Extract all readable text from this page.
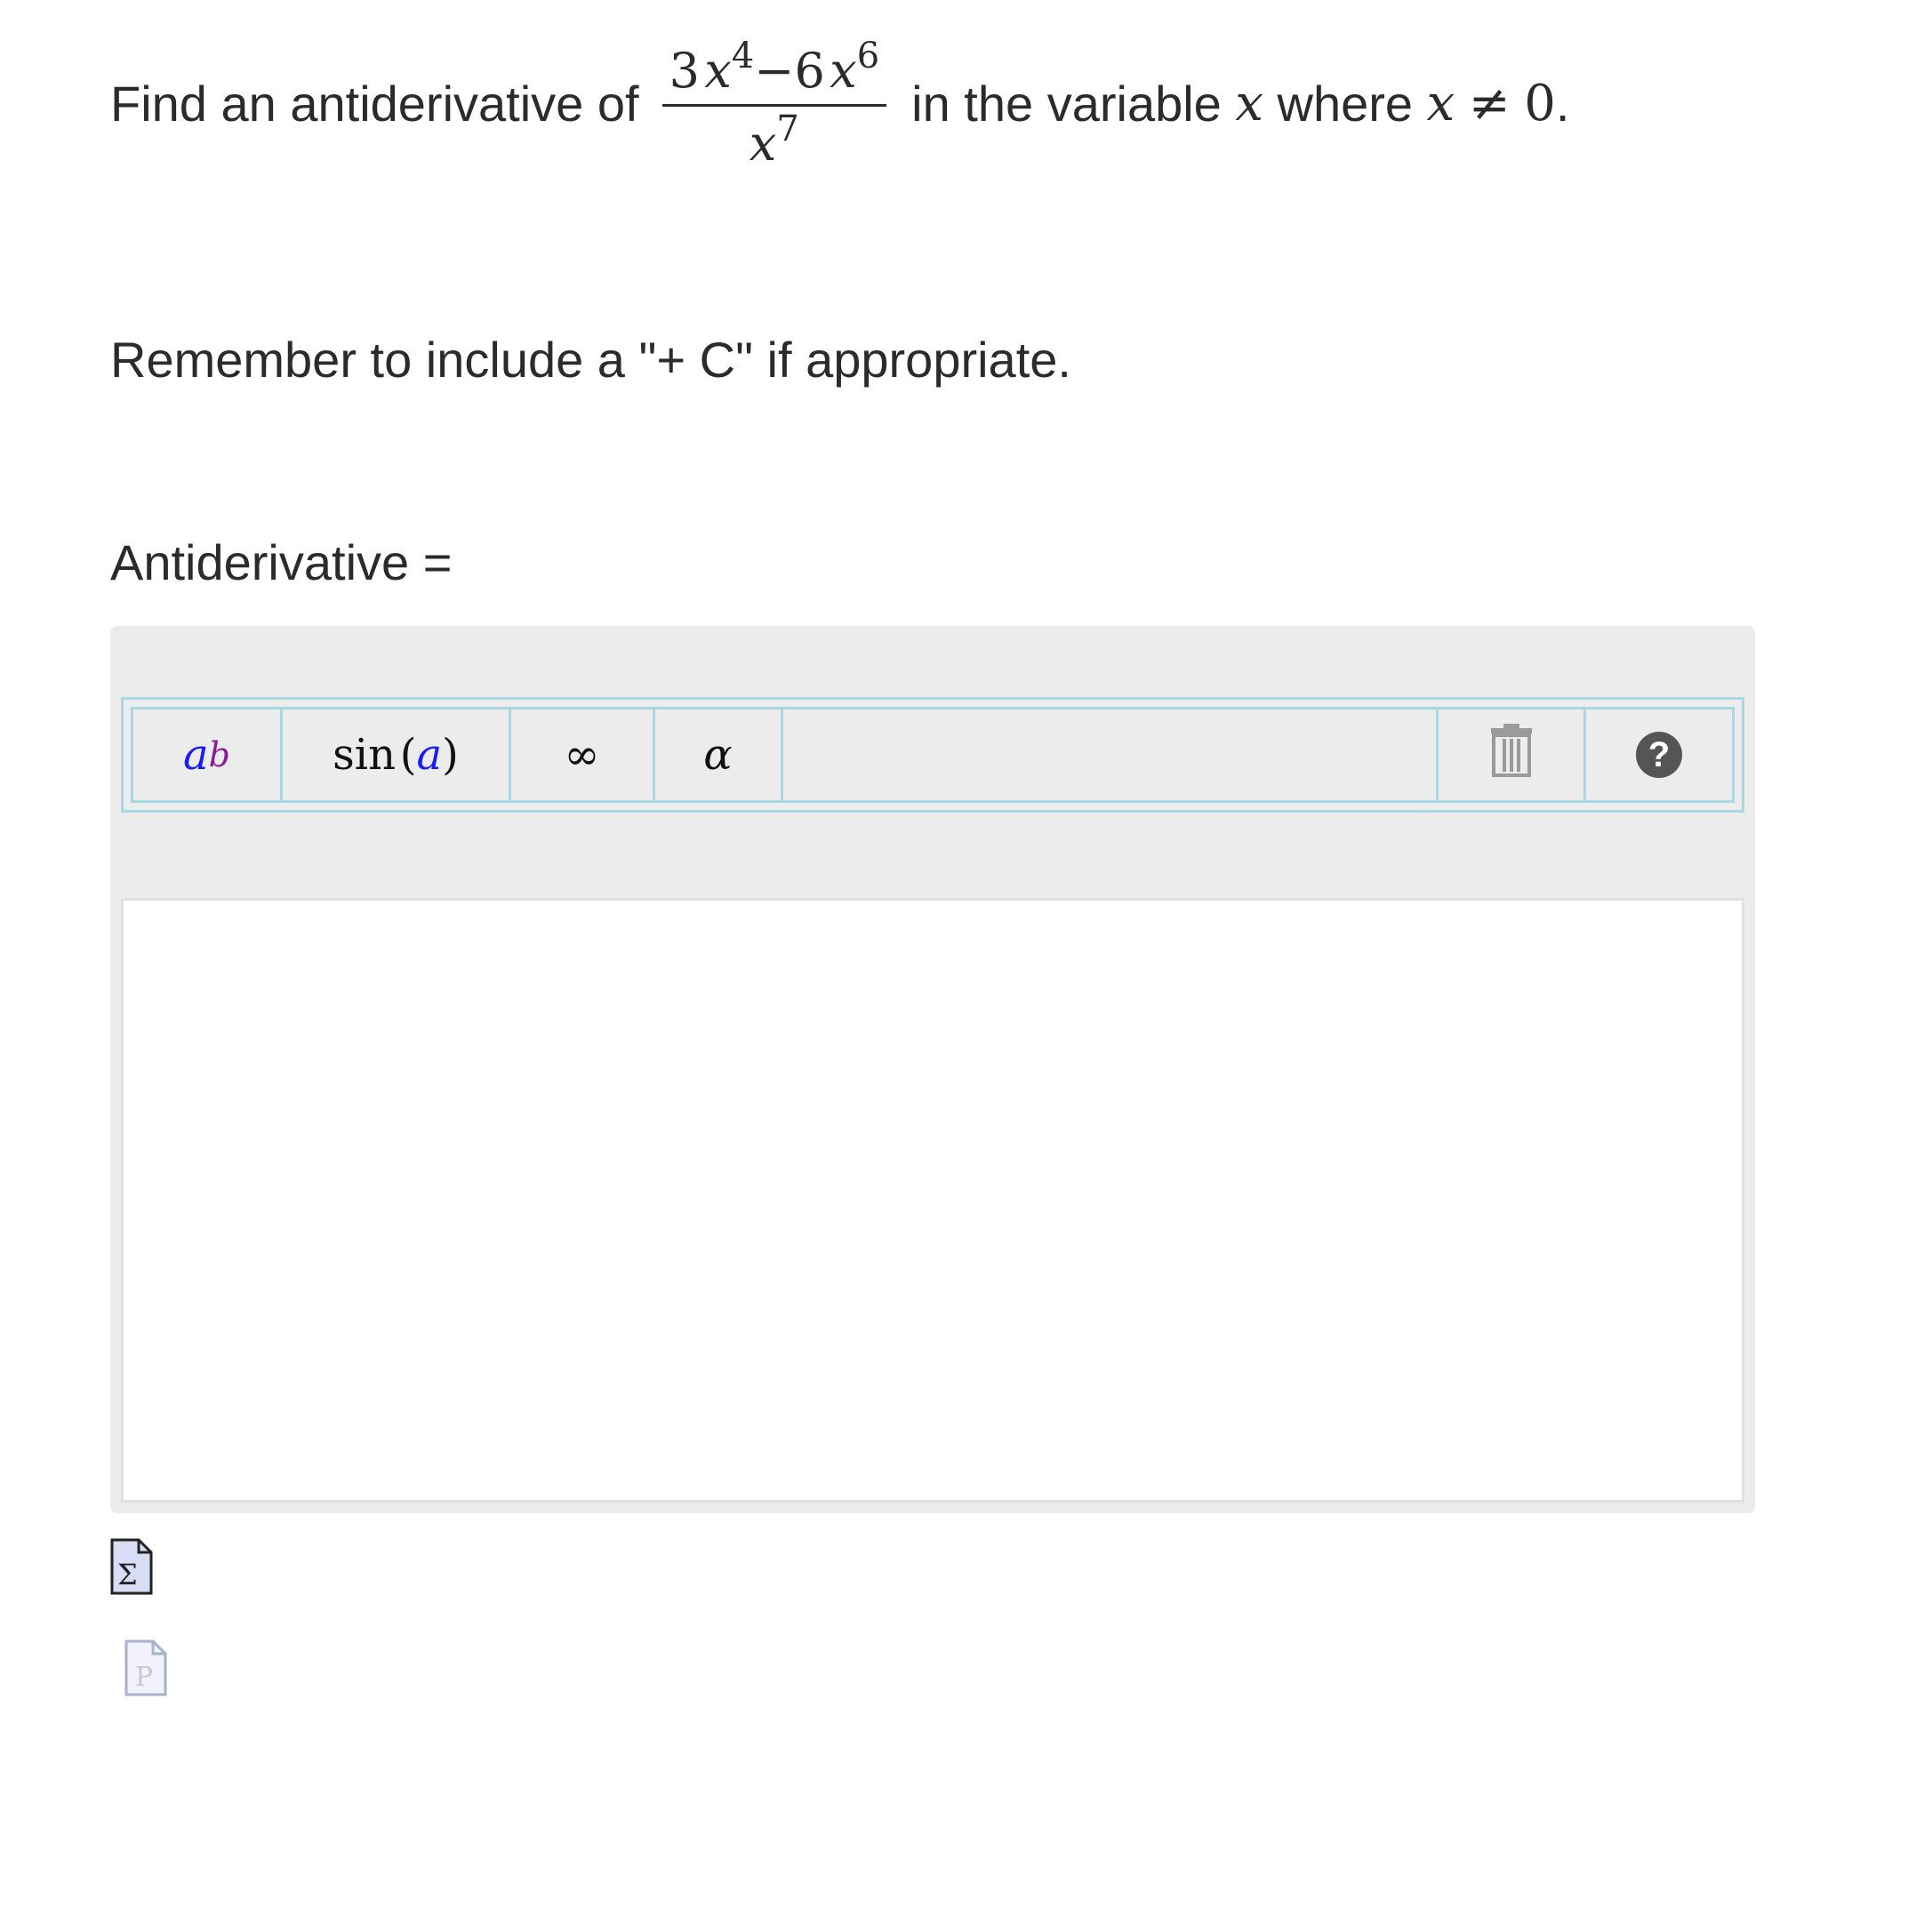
Find an antiderivative of $\frac{3 x^4-6 x^6}{x^7}$ in the variable
x
where
x
≠
0 .
Remember to include a "+ C" if appropriate.
Antiderivative =
a b sin
  ( a ) ∞ α	?
Σ
P
